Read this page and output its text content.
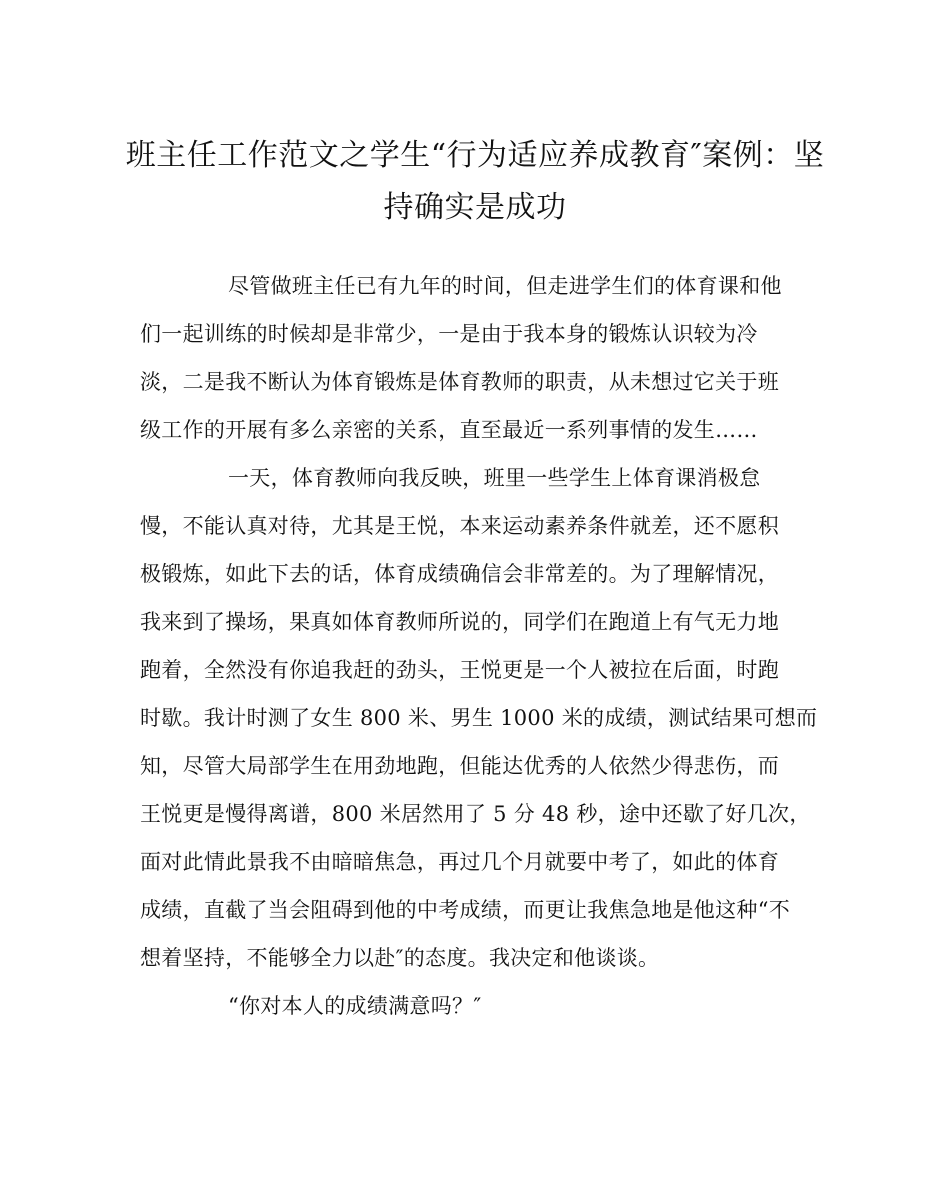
班主任工作范文之学生“行为适应养成教育″案例：坚持确实是成功

尽管做班主任已有九年的时间，但走进学生们的体育课和他

们一起训练的时候却是非常少，一是由于我本身的锻炼认识较为冷

淡，二是我不断认为体育锻炼是体育教师的职责，从未想过它关于班

级工作的开展有多么亲密的关系，直至最近一系列事情的发生……

一天，体育教师向我反映，班里一些学生上体育课消极怠

慢，不能认真对待，尤其是王悦，本来运动素养条件就差，还不愿积

极锻炼，如此下去的话，体育成绩确信会非常差的。为了理解情况，

我来到了操场，果真如体育教师所说的，同学们在跑道上有气无力地

跑着，全然没有你追我赶的劲头，王悦更是一个人被拉在后面，时跑

时歇。我计时测了女生 800 米、男生 1000 米的成绩，测试结果可想而

知，尽管大局部学生在用劲地跑，但能达优秀的人依然少得悲伤，而

王悦更是慢得离谱，800 米居然用了 5 分 48 秒，途中还歇了好几次，

面对此情此景我不由暗暗焦急，再过几个月就要中考了，如此的体育

成绩，直截了当会阻碍到他的中考成绩，而更让我焦急地是他这种“不

想着坚持，不能够全力以赴″的态度。我决定和他谈谈。

“你对本人的成绩满意吗？″
